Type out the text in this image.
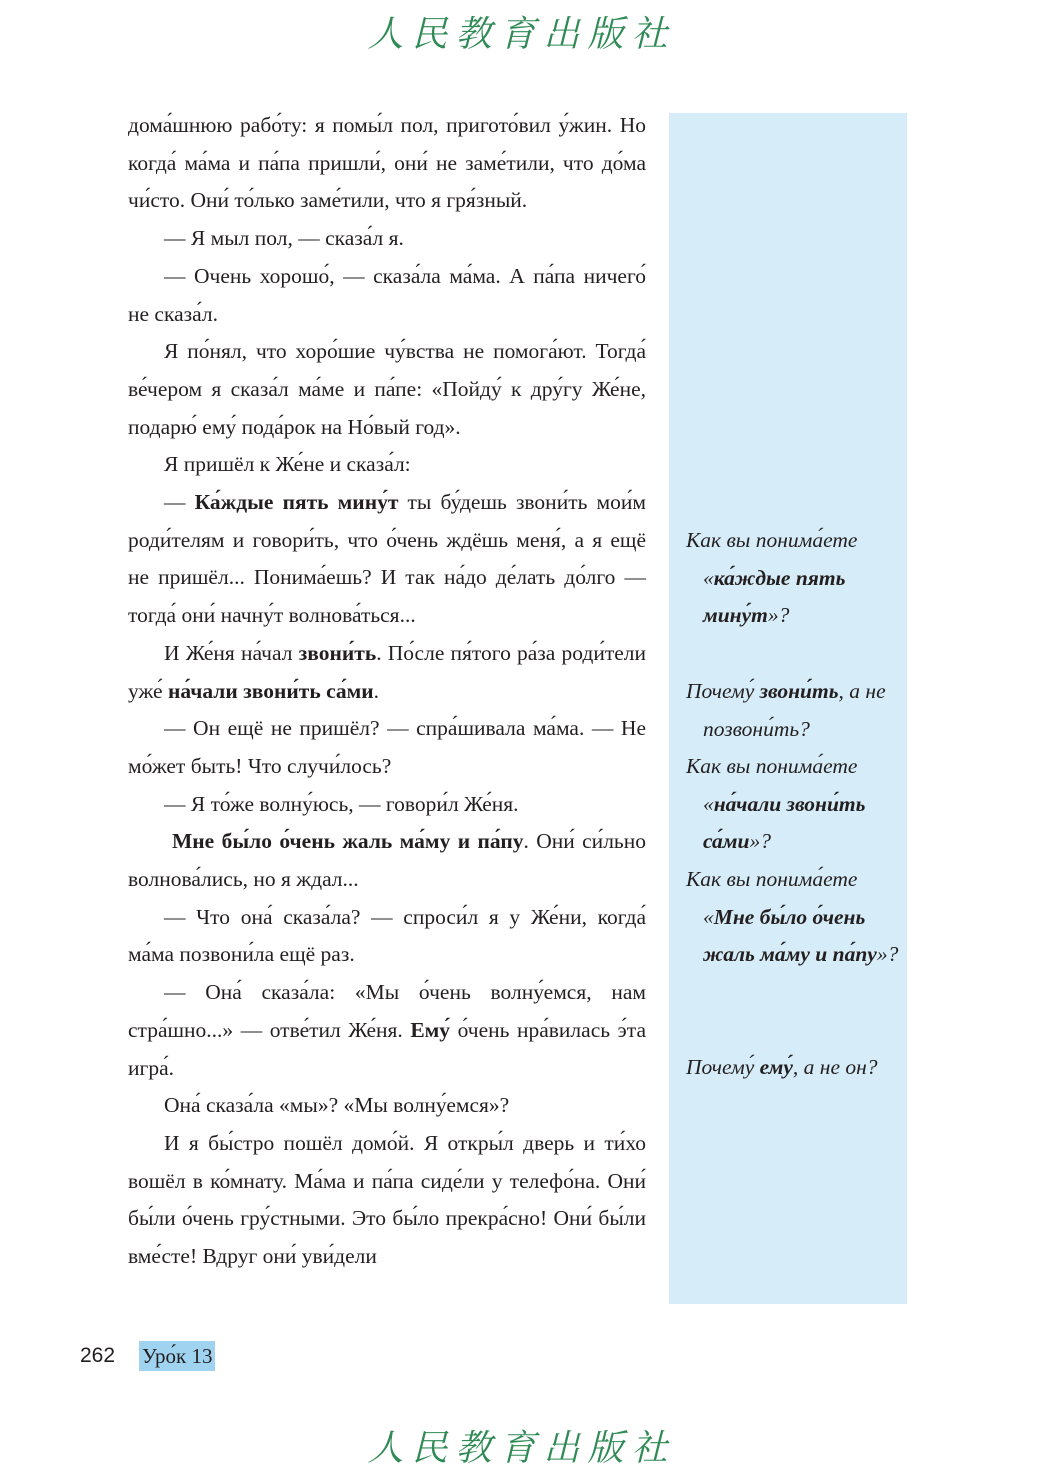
人民教育出版社

дома́шнюю рабо́ту: я помы́л пол, пригото́вил у́жин. Но когда́ ма́ма и па́па пришли́, они́ не заме́тили, что до́ма чи́сто. Они́ то́лько заме́тили, что я гря́зный.

— Я мыл пол, — сказа́л я.

— Очень хорошо́, — сказа́ла ма́ма. А па́па ничего́ не сказа́л.

Я по́нял, что хоро́шие чу́вства не помога́ют. Тогда́ ве́чером я сказа́л ма́ме и па́пе: «Пойду́ к дру́гу Же́не, подарю́ ему́ пода́рок на Но́вый год».

Я пришёл к Же́не и сказа́л:

— Ка́ждые пять мину́т ты бу́дешь звони́ть мои́м роди́телям и говори́ть, что о́чень ждёшь меня́, а я ещё не пришёл... Понима́ешь? И так на́до де́лать до́лго — тогда́ они́ начну́т волнова́ться...

И Же́ня на́чал звони́ть. По́сле пя́того ра́за роди́тели уже́ на́чали звони́ть са́ми.

— Он ещё не пришёл? — спра́шивала ма́ма. — Не мо́жет быть! Что случи́лось?

— Я то́же волну́юсь, — говори́л Же́ня.

Мне бы́ло о́чень жаль ма́му и па́пу. Они́ си́льно волнова́лись, но я ждал...

— Что она́ сказа́ла? — спроси́л я у Же́ни, когда́ ма́ма позвони́ла ещё раз.

— Она́ сказа́ла: «Мы о́чень волну́емся, нам стра́шно...» — отве́тил Же́ня. Ему́ о́чень нра́вилась э́та игра́.

Она́ сказа́ла «мы»? «Мы волну́емся»?

И я бы́стро пошёл домо́й. Я откры́л дверь и ти́хо вошёл в ко́мнату. Ма́ма и па́па сиде́ли у телефо́на. Они́ бы́ли о́чень гру́стными. Это бы́ло прекра́сно! Они́ бы́ли вме́сте! Вдруг они́ уви́дели

Как вы понима́ете «ка́ждые пять мину́т»?
Почему́ звони́ть, а не позвони́ть?
Как вы понима́ете «на́чали звони́ть са́ми»?
Как вы понима́ете «Мне бы́ло о́чень жаль ма́му и па́пу»?
Почему́ ему́, а не он?
262 Уро́к 13
人民教育出版社
